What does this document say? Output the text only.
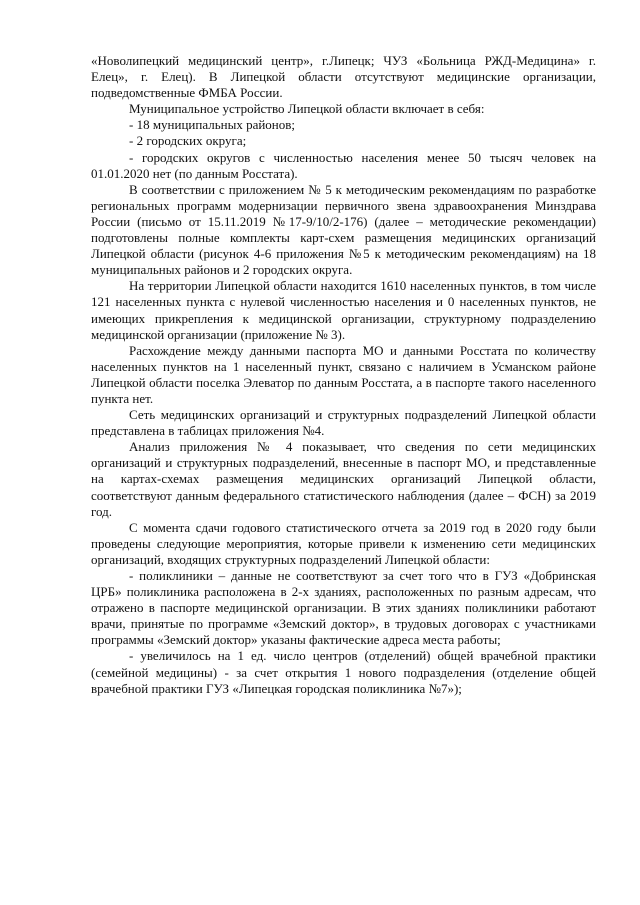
«Новолипецкий медицинский центр», г.Липецк; ЧУЗ «Больница РЖД-Медицина» г. Елец», г. Елец). В Липецкой области отсутствуют медицинские организации, подведомственные ФМБА России.

Муниципальное устройство Липецкой области включает в себя:

- 18 муниципальных районов;

- 2 городских округа;

- городских округов с численностью населения менее 50 тысяч человек на 01.01.2020 нет (по данным Росстата).

В соответствии с приложением № 5 к методическим рекомендациям по разработке региональных программ модернизации первичного звена здравоохранения Минздрава России (письмо от 15.11.2019 №17-9/10/2-176) (далее – методические рекомендации) подготовлены полные комплекты карт-схем размещения медицинских организаций Липецкой области (рисунок 4-6 приложения №5 к методическим рекомендациям) на 18 муниципальных районов и 2 городских округа.

На территории Липецкой области находится 1610 населенных пунктов, в том числе 121 населенных пункта с нулевой численностью населения и 0 населенных пунктов, не имеющих прикрепления к медицинской организации, структурному подразделению медицинской организации (приложение № 3).

Расхождение между данными паспорта МО и данными Росстата по количеству населенных пунктов на 1 населенный пункт, связано с наличием в Усманском районе Липецкой области поселка Элеватор по данным Росстата, а в паспорте такого населенного пункта нет.

Сеть медицинских организаций и структурных подразделений Липецкой области представлена в таблицах приложения №4.

Анализ приложения № 4 показывает, что сведения по сети медицинских организаций и структурных подразделений, внесенные в паспорт МО, и представленные на картах-схемах размещения медицинских организаций Липецкой области, соответствуют данным федерального статистического наблюдения (далее – ФСН) за 2019 год.

С момента сдачи годового статистического отчета за 2019 год в 2020 году были проведены следующие мероприятия, которые привели к изменению сети медицинских организаций, входящих структурных подразделений Липецкой области:

- поликлиники – данные не соответствуют за счет того что в ГУЗ «Добринская ЦРБ» поликлиника расположена в 2-х зданиях, расположенных по разным адресам, что отражено в паспорте медицинской организации. В этих зданиях поликлиники работают врачи, принятые по программе «Земский доктор», в трудовых договорах с участниками программы «Земский доктор» указаны фактические адреса места работы;

- увеличилось на 1 ед. число центров (отделений) общей врачебной практики (семейной медицины) - за счет открытия 1 нового подразделения (отделение общей врачебной практики ГУЗ «Липецкая городская поликлиника №7»);
